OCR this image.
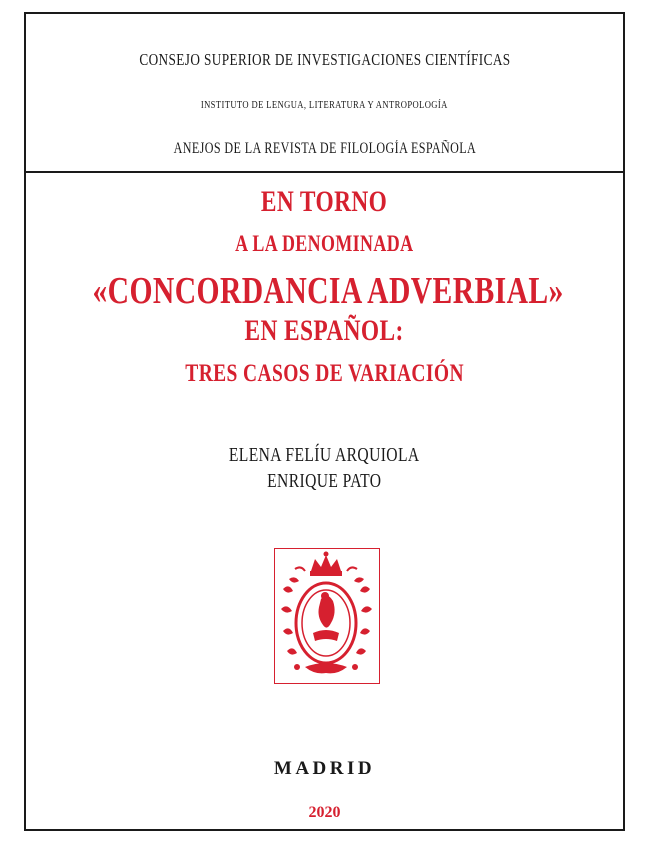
CONSEJO SUPERIOR DE INVESTIGACIONES CIENTÍFICAS
INSTITUTO DE LENGUA, LITERATURA Y ANTROPOLOGÍA
ANEJOS DE LA REVISTA DE FILOLOGÍA ESPAÑOLA
EN TORNO
A LA DENOMINADA
«CONCORDANCIA ADVERBIAL»
EN ESPAÑOL:
TRES CASOS DE VARIACIÓN
ELENA FELÍU ARQUIOLA
ENRIQUE PATO
MADRID
2020
